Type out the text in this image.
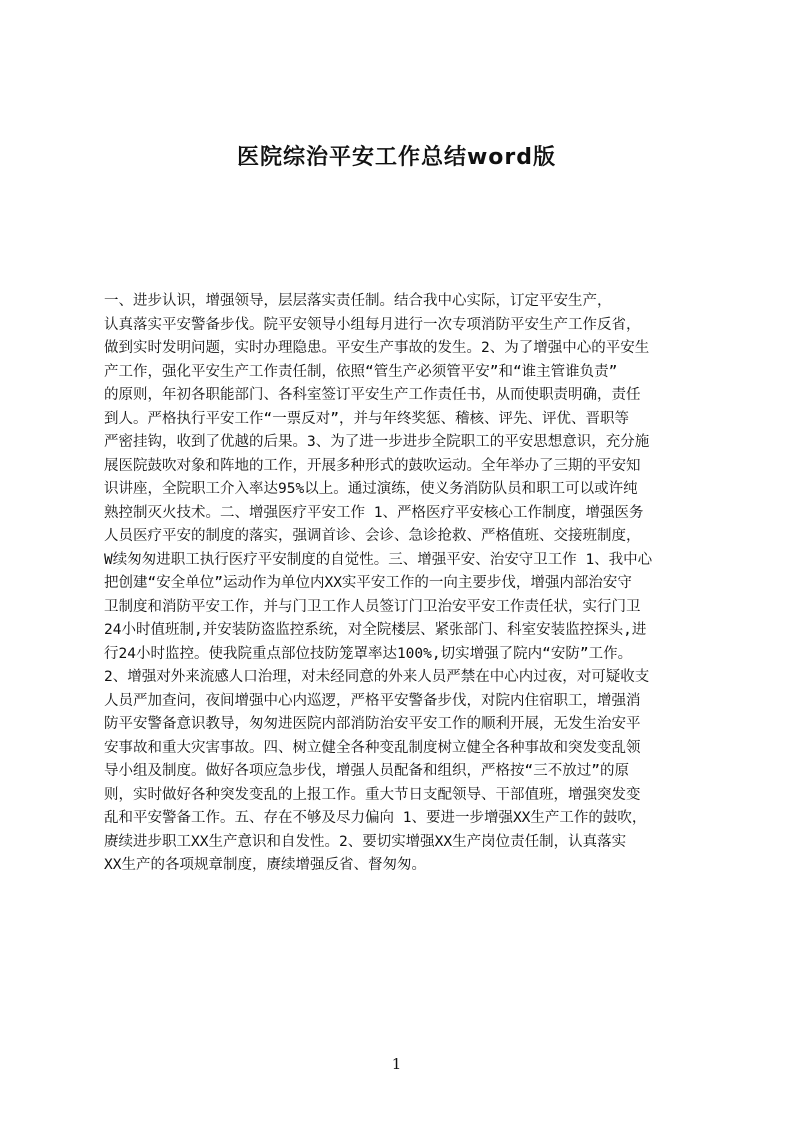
医院综治平安工作总结word版
一、进步认识，增强领导，层层落实责任制。结合我中心实际，订定平安生产，
认真落实平安警备步伐。院平安领导小组每月进行一次专项消防平安生产工作反省，
做到实时发明问题，实时办理隐患。平安生产事故的发生。2、为了增强中心的平安生
产工作，强化平安生产工作责任制，依照“管生产必须管平安”和“谁主管谁负责”
的原则，年初各职能部门、各科室签订平安生产工作责任书，从而使职责明确，责任
到人。严格执行平安工作“一票反对”，并与年终奖惩、稽核、评先、评优、晋职等
严密挂钩，收到了优越的后果。3、为了进一步进步全院职工的平安思想意识，充分施
展医院鼓吹对象和阵地的工作，开展多种形式的鼓吹运动。全年举办了三期的平安知
识讲座，全院职工介入率达95%以上。通过演练，使义务消防队员和职工可以或许纯
熟控制灭火技术。二、增强医疗平安工作 1、严格医疗平安核心工作制度，增强医务
人员医疗平安的制度的落实，强调首诊、会诊、急诊抢救、严格值班、交接班制度，
W续匆匆进职工执行医疗平安制度的自觉性。三、增强平安、治安守卫工作 1、我中心
把创建“安全单位”运动作为单位内XX实平安工作的一向主要步伐，增强内部治安守
卫制度和消防平安工作，并与门卫工作人员签订门卫治安平安工作责任状，实行门卫
24小时值班制,并安装防盗监控系统，对全院楼层、紧张部门、科室安装监控探头,进
行24小时监控。使我院重点部位技防笼罩率达100%,切实增强了院内“安防”工作。
2、增强对外来流感人口治理，对未经同意的外来人员严禁在中心内过夜，对可疑收支
人员严加查问，夜间增强中心内巡逻，严格平安警备步伐，对院内住宿职工，增强消
防平安警备意识教导，匆匆进医院内部消防治安平安工作的顺利开展，无发生治安平
安事故和重大灾害事故。四、树立健全各种变乱制度树立健全各种事故和突发变乱领
导小组及制度。做好各项应急步伐，增强人员配备和组织，严格按“三不放过”的原
则，实时做好各种突发变乱的上报工作。重大节日支配领导、干部值班，增强突发变
乱和平安警备工作。五、存在不够及尽力偏向 1、要进一步增强XX生产工作的鼓吹，
赓续进步职工XX生产意识和自发性。2、要切实增强XX生产岗位责任制，认真落实
XX生产的各项规章制度，赓续增强反省、督匆匆。
1
